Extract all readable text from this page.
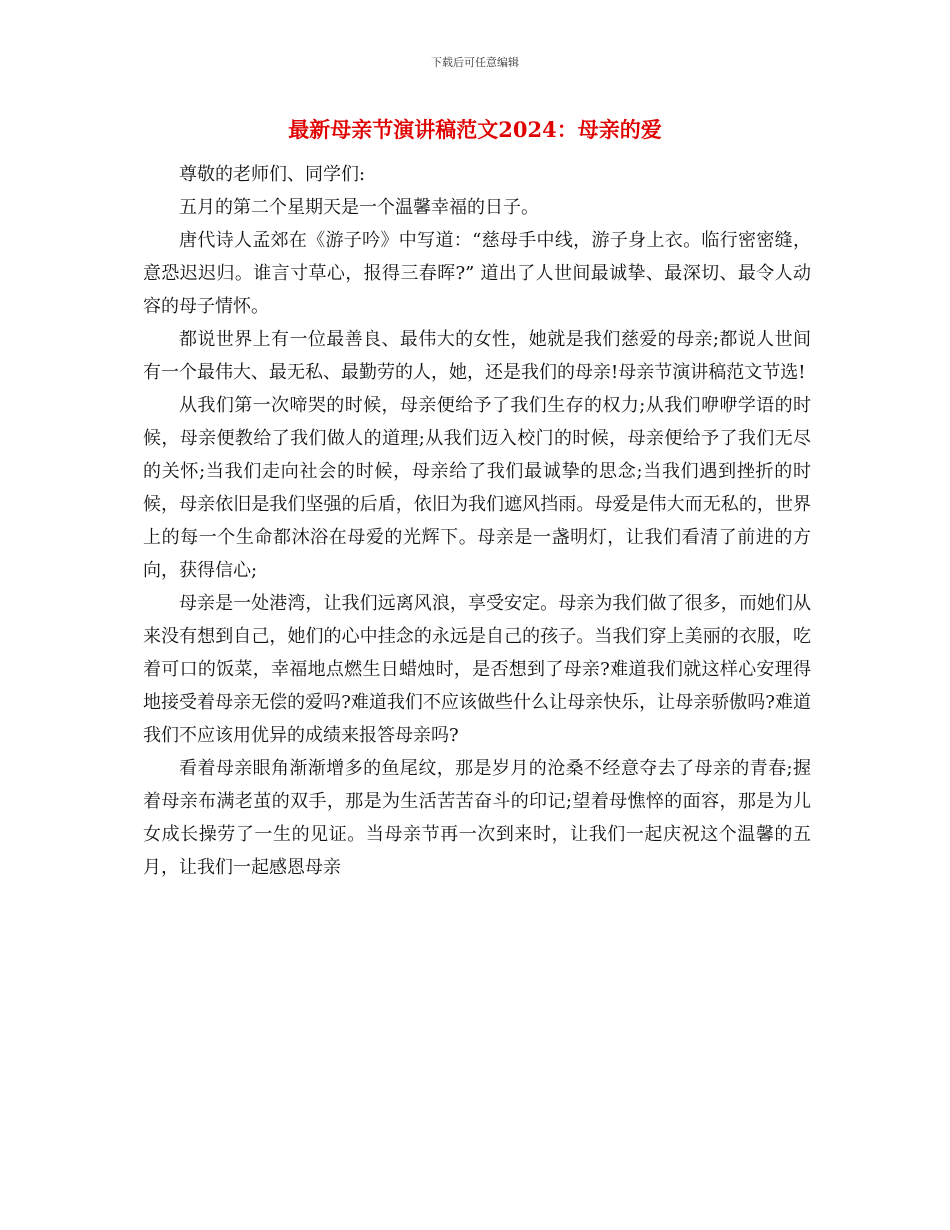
下载后可任意编辑
最新母亲节演讲稿范文2024：母亲的爱

尊敬的老师们、同学们:

五月的第二个星期天是一个温馨幸福的日子。

唐代诗人孟郊在《游子吟》中写道：“慈母手中线，游子身上衣。临行密密缝，意恐迟迟归。谁言寸草心，报得三春晖?” 道出了人世间最诚挚、最深切、最令人动容的母子情怀。

都说世界上有一位最善良、最伟大的女性，她就是我们慈爱的母亲;都说人世间有一个最伟大、最无私、最勤劳的人，她，还是我们的母亲!母亲节演讲稿范文节选!

从我们第一次啼哭的时候，母亲便给予了我们生存的权力;从我们咿咿学语的时候，母亲便教给了我们做人的道理;从我们迈入校门的时候，母亲便给予了我们无尽的关怀;当我们走向社会的时候，母亲给了我们最诚挚的思念;当我们遇到挫折的时候，母亲依旧是我们坚强的后盾，依旧为我们遮风挡雨。母爱是伟大而无私的，世界上的每一个生命都沐浴在母爱的光辉下。母亲是一盏明灯，让我们看清了前进的方向，获得信心;

母亲是一处港湾，让我们远离风浪，享受安定。母亲为我们做了很多，而她们从来没有想到自己，她们的心中挂念的永远是自己的孩子。当我们穿上美丽的衣服，吃着可口的饭菜，幸福地点燃生日蜡烛时，是否想到了母亲?难道我们就这样心安理得地接受着母亲无偿的爱吗?难道我们不应该做些什么让母亲快乐，让母亲骄傲吗?难道我们不应该用优异的成绩来报答母亲吗?

看着母亲眼角渐渐增多的鱼尾纹，那是岁月的沧桑不经意夺去了母亲的青春;握着母亲布满老茧的双手，那是为生活苦苦奋斗的印记;望着母憔悴的面容，那是为儿女成长操劳了一生的见证。当母亲节再一次到来时，让我们一起庆祝这个温馨的五月，让我们一起感恩母亲
